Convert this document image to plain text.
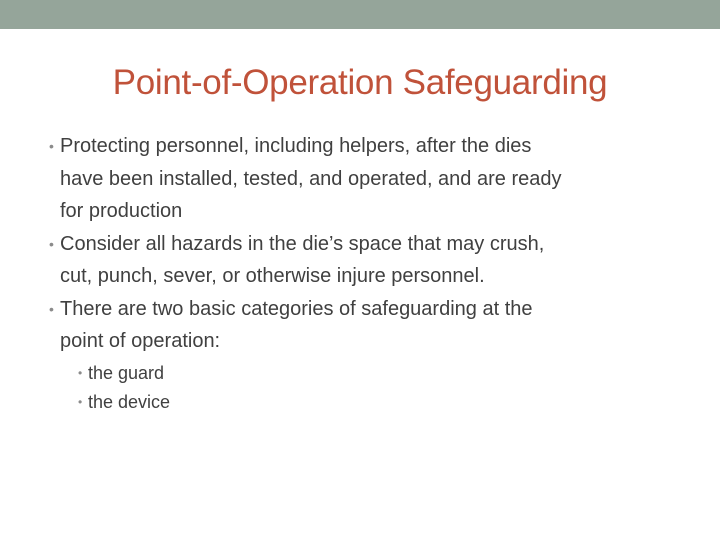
Point-of-Operation Safeguarding
• Protecting personnel, including helpers, after the dies
have been installed, tested, and operated, and are ready
for production
• Consider all hazards in the die’s space that may crush,
cut, punch, sever, or otherwise injure personnel.
• There are two basic categories of safeguarding at the
point of operation:
• the guard
• the device
